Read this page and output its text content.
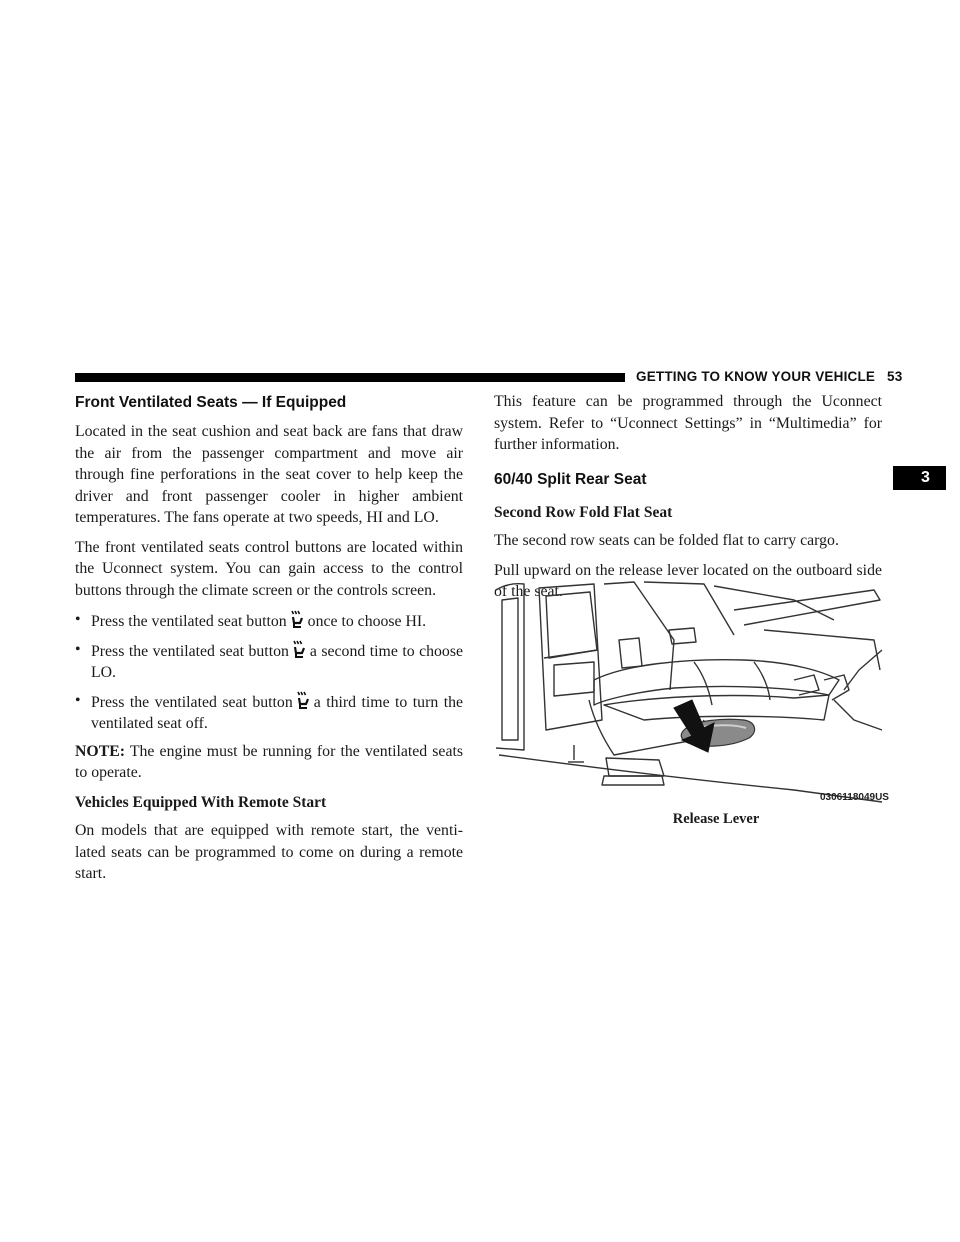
GETTING TO KNOW YOUR VEHICLE 53
3
Front Ventilated Seats — If Equipped

Located in the seat cushion and seat back are fans that draw the air from the passenger compartment and move air through fine perforations in the seat cover to help keep the driver and front passenger cooler in higher ambient temperatures. The fans operate at two speeds, HI and LO.

The front ventilated seats control buttons are located within the Uconnect system. You can gain access to the control buttons through the climate screen or the controls screen.

• Press the ventilated seat button once to choose HI.
• Press the ventilated seat button a second time to choose LO.
• Press the ventilated seat button a third time to turn the ventilated seat off.

NOTE: The engine must be running for the ventilated seats to operate.

Vehicles Equipped With Remote Start

On models that are equipped with remote start, the venti-lated seats can be programmed to come on during a remote start.

This feature can be programmed through the Uconnect system. Refer to “Uconnect Settings” in “Multimedia” for further information.

60/40 Split Rear Seat
Second Row Fold Flat Seat

The second row seats can be folded flat to carry cargo.

Pull upward on the release lever located on the outboard side of the seat.

0306118049US
Release Lever
